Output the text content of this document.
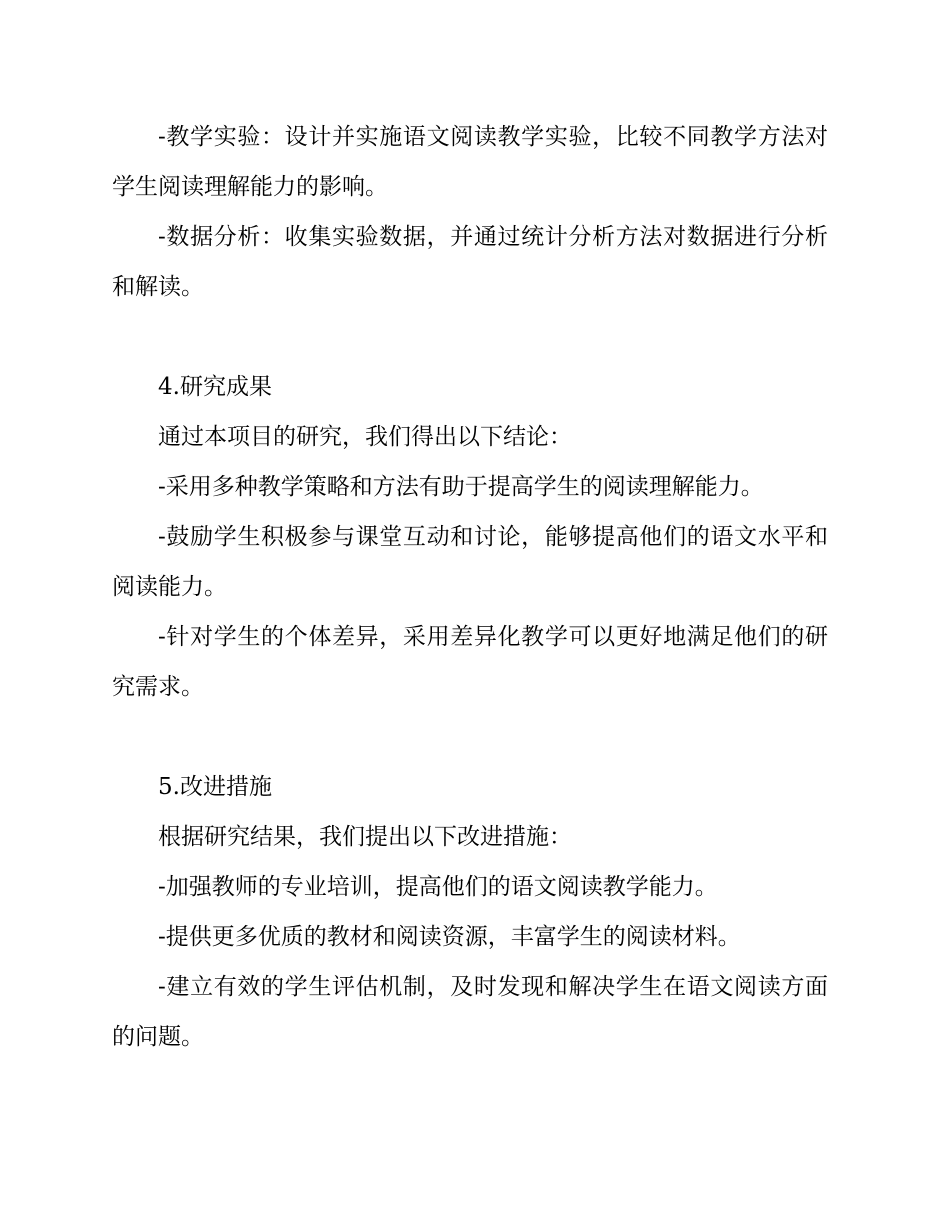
-教学实验：设计并实施语文阅读教学实验，比较不同教学方法对学生阅读理解能力的影响。

-数据分析：收集实验数据，并通过统计分析方法对数据进行分析和解读。

4.研究成果

通过本项目的研究，我们得出以下结论：

-采用多种教学策略和方法有助于提高学生的阅读理解能力。

-鼓励学生积极参与课堂互动和讨论，能够提高他们的语文水平和阅读能力。

-针对学生的个体差异，采用差异化教学可以更好地满足他们的研究需求。

5.改进措施

根据研究结果，我们提出以下改进措施：

-加强教师的专业培训，提高他们的语文阅读教学能力。

-提供更多优质的教材和阅读资源，丰富学生的阅读材料。

-建立有效的学生评估机制，及时发现和解决学生在语文阅读方面的问题。
